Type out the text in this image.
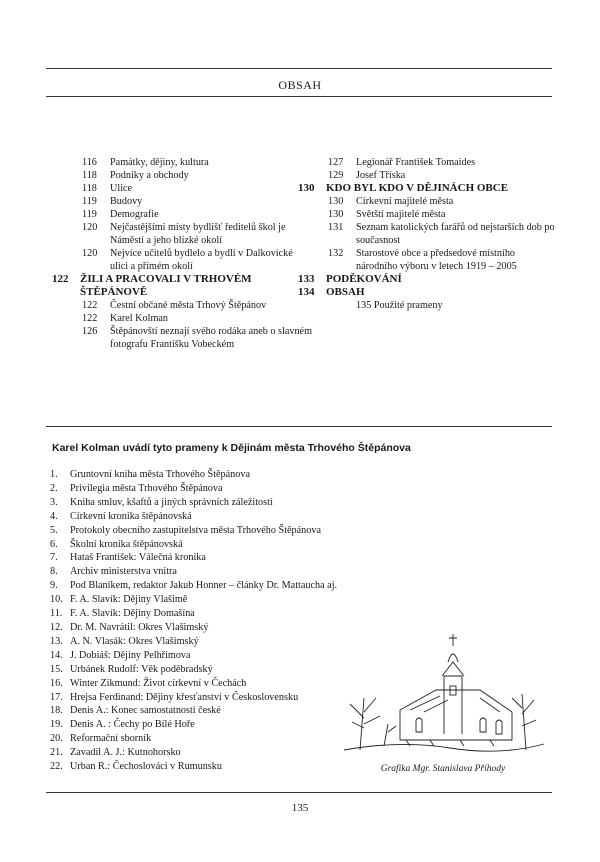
OBSAH
116	Památky, dějiny, kultura
118	Podniky a obchody
118	Ulice
119	Budovy
119	Demografie
120	Nejčastějšími místy bydlišť ředitelů škol je Náměstí a jeho blízké okolí
120	Nejvíce učitelů bydlelo a bydlí v Dalkovické ulici a přímém okolí
122	ŽILI A PRACOVALI V TRHOVÉM ŠTĚPÁNOVĚ
122	Čestní občané města Trhový Štěpánov
122	Karel Kolman
126	Štěpánovští neznají svého rodáka aneb o slavném fotografu Františku Vobeckém
127	Legionář František Tomaides
129	Josef Tříska
130	KDO BYL KDO V DĚJINÁCH OBCE
130	Církevní majitelé města
130	Světští majitelé města
131	Seznam katolických farářů od nejstarších dob po současnost
132	Starostové obce a předsedové místního národního výboru v letech 1919 – 2005
133	PODĚKOVÁNÍ
134	OBSAH
135 Použité prameny
Karel Kolman uvádí tyto prameny k Dějinám města Trhového Štěpánova
1.	Gruntovní kniha města Trhového Štěpánova
2.	Privilegia města Trhového Štěpánova
3.	Kniha smluv, kšaftů a jiných správních záležitostí
4.	Církevní kronika štěpánovská
5.	Protokoly obecního zastupitelstva města Trhového Štěpánova
6.	Školní kronika štěpánovská
7.	Hataš František: Válečná kronika
8.	Archiv ministerstva vnitra
9.	Pod Blaníkem, redaktor Jakub Honner – články Dr. Mattaucha aj.
10. F. A. Slavík: Dějiny Vlašimě
11. F. A. Slavík: Dějiny Domašína
12. Dr. M. Navrátil: Okres Vlašimský
13. A. N. Vlasák: Okres Vlašimský
14. J. Dobiáš: Dějiny Pelhřimova
15. Urbánek Rudolf: Věk poděbradský
16. Winter Zikmund: Život církevní v Čechách
17. Hrejsa Ferdinand: Dějiny křesťanství v Československu
18. Denis A.: Konec samostatnosti české
19. Denis A. : Čechy po Bílé Hoře
20. Reformační sborník
21. Zavadil A. J.: Kutnohorsko
22. Urban R.: Čechoslováci v Rumunsku	Grafika Mgr. Stanislava Příhody
135
